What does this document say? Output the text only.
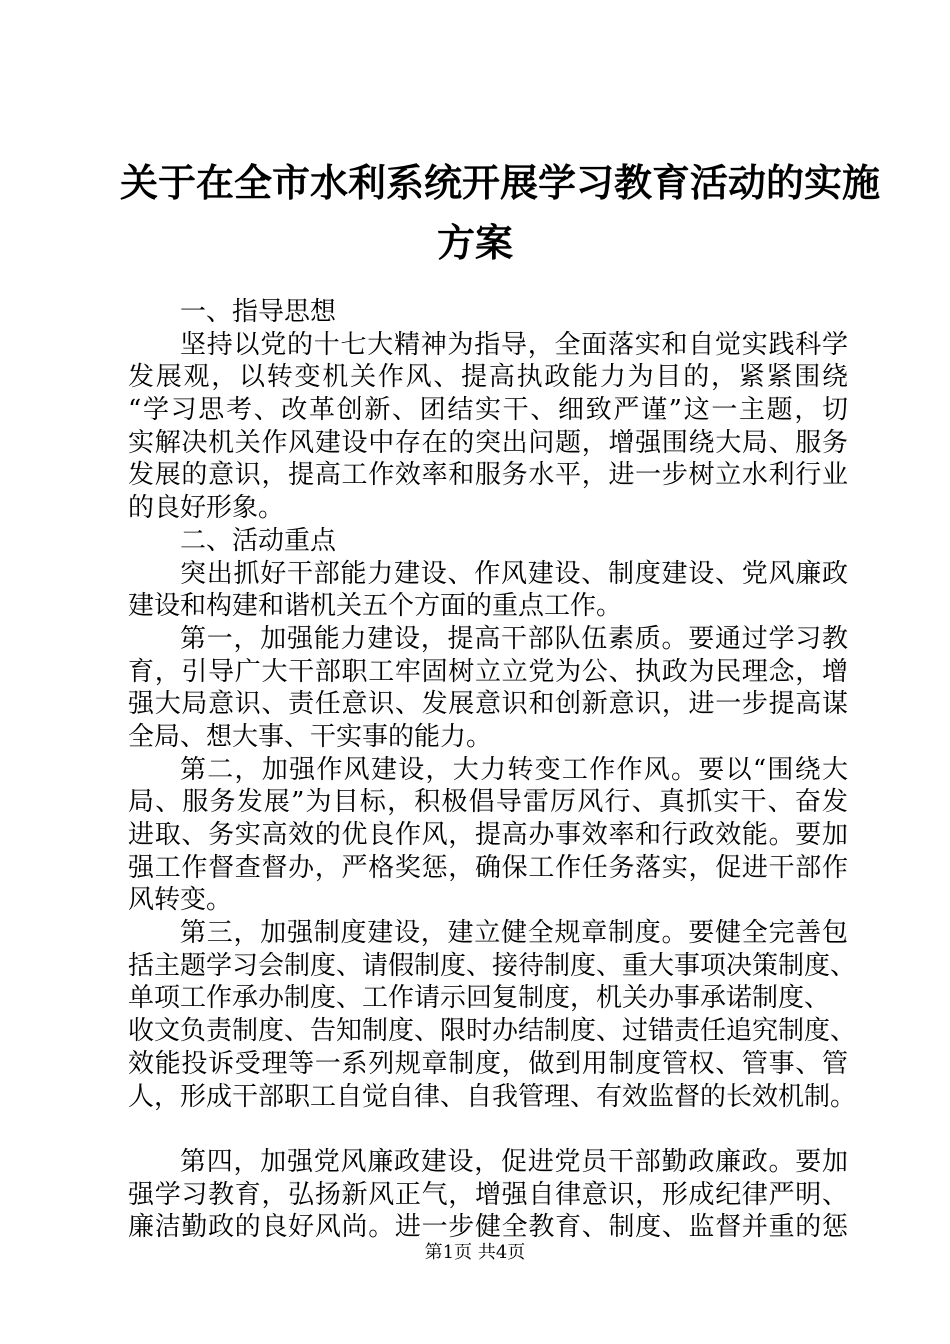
关于在全市水利系统开展学习教育活动的实施
方案
一、指导思想
坚持以党的十七大精神为指导，全面落实和自觉实践科学
发展观，以转变机关作风、提高执政能力为目的，紧紧围绕
“学习思考、改革创新、团结实干、细致严谨”这一主题，切
实解决机关作风建设中存在的突出问题，增强围绕大局、服务
发展的意识，提高工作效率和服务水平，进一步树立水利行业
的良好形象。
二、活动重点
突出抓好干部能力建设、作风建设、制度建设、党风廉政
建设和构建和谐机关五个方面的重点工作。
第一，加强能力建设，提高干部队伍素质。要通过学习教
育，引导广大干部职工牢固树立立党为公、执政为民理念，增
强大局意识、责任意识、发展意识和创新意识，进一步提高谋
全局、想大事、干实事的能力。
第二，加强作风建设，大力转变工作作风。要以“围绕大
局、服务发展”为目标，积极倡导雷厉风行、真抓实干、奋发
进取、务实高效的优良作风，提高办事效率和行政效能。要加
强工作督查督办，严格奖惩，确保工作任务落实，促进干部作
风转变。
第三，加强制度建设，建立健全规章制度。要健全完善包
括主题学习会制度、请假制度、接待制度、重大事项决策制度、
单项工作承办制度、工作请示回复制度，机关办事承诺制度、
收文负责制度、告知制度、限时办结制度、过错责任追究制度、
效能投诉受理等一系列规章制度，做到用制度管权、管事、管
人，形成干部职工自觉自律、自我管理、有效监督的长效机制。
第四，加强党风廉政建设，促进党员干部勤政廉政。要加
强学习教育，弘扬新风正气，增强自律意识，形成纪律严明、
廉洁勤政的良好风尚。进一步健全教育、制度、监督并重的惩
第1页 共4页
